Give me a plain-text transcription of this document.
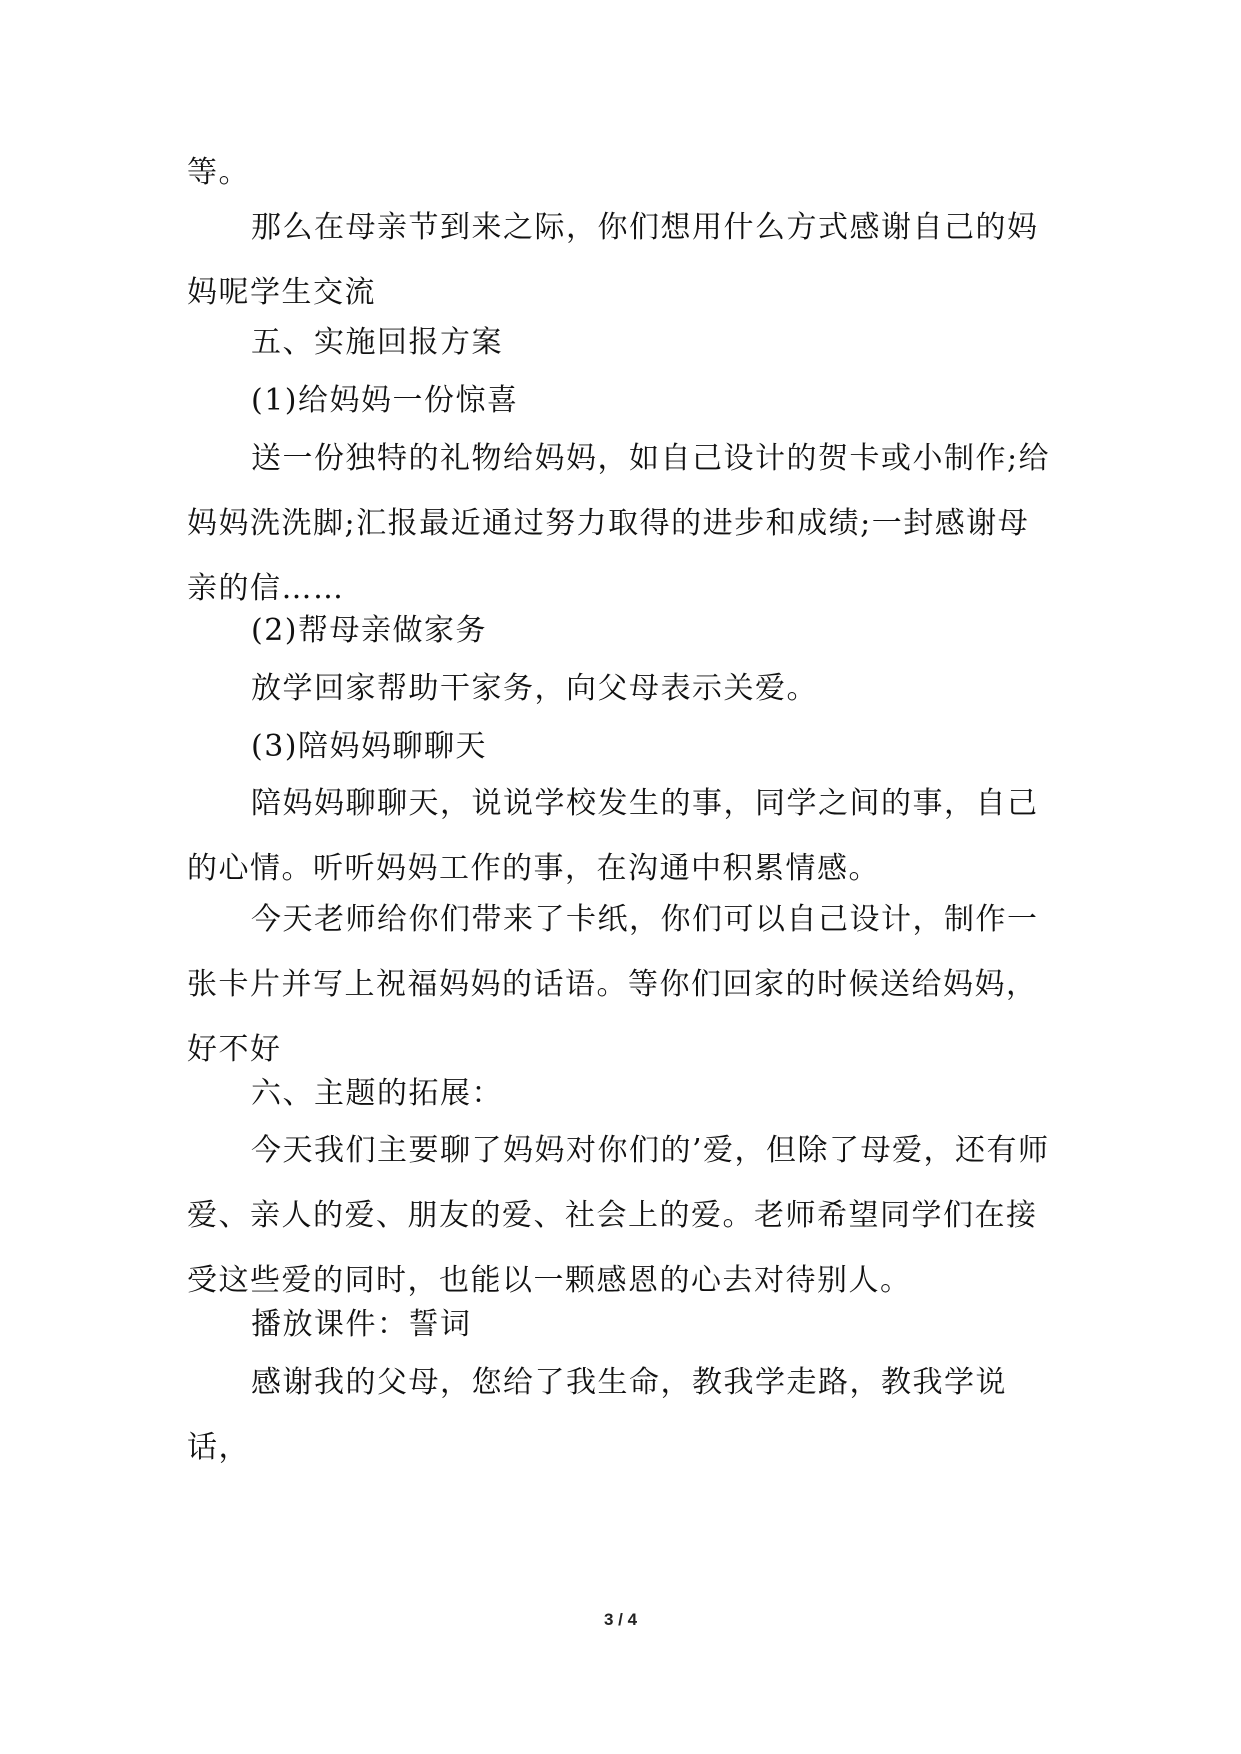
等。

那么在母亲节到来之际，你们想用什么方式感谢自己的妈妈呢学生交流

五、实施回报方案

(1)给妈妈一份惊喜

送一份独特的礼物给妈妈，如自己设计的贺卡或小制作;给妈妈洗洗脚;汇报最近通过努力取得的进步和成绩;一封感谢母亲的信……

(2)帮母亲做家务

放学回家帮助干家务，向父母表示关爱。

(3)陪妈妈聊聊天

陪妈妈聊聊天，说说学校发生的事，同学之间的事，自己的心情。听听妈妈工作的事，在沟通中积累情感。

今天老师给你们带来了卡纸，你们可以自己设计，制作一张卡片并写上祝福妈妈的话语。等你们回家的时候送给妈妈，好不好

六、主题的拓展：

今天我们主要聊了妈妈对你们的’爱，但除了母爱，还有师爱、亲人的爱、朋友的爱、社会上的爱。老师希望同学们在接受这些爱的同时，也能以一颗感恩的心去对待别人。

播放课件：誓词

感谢我的父母，您给了我生命，教我学走路，教我学说话，

3 / 4
